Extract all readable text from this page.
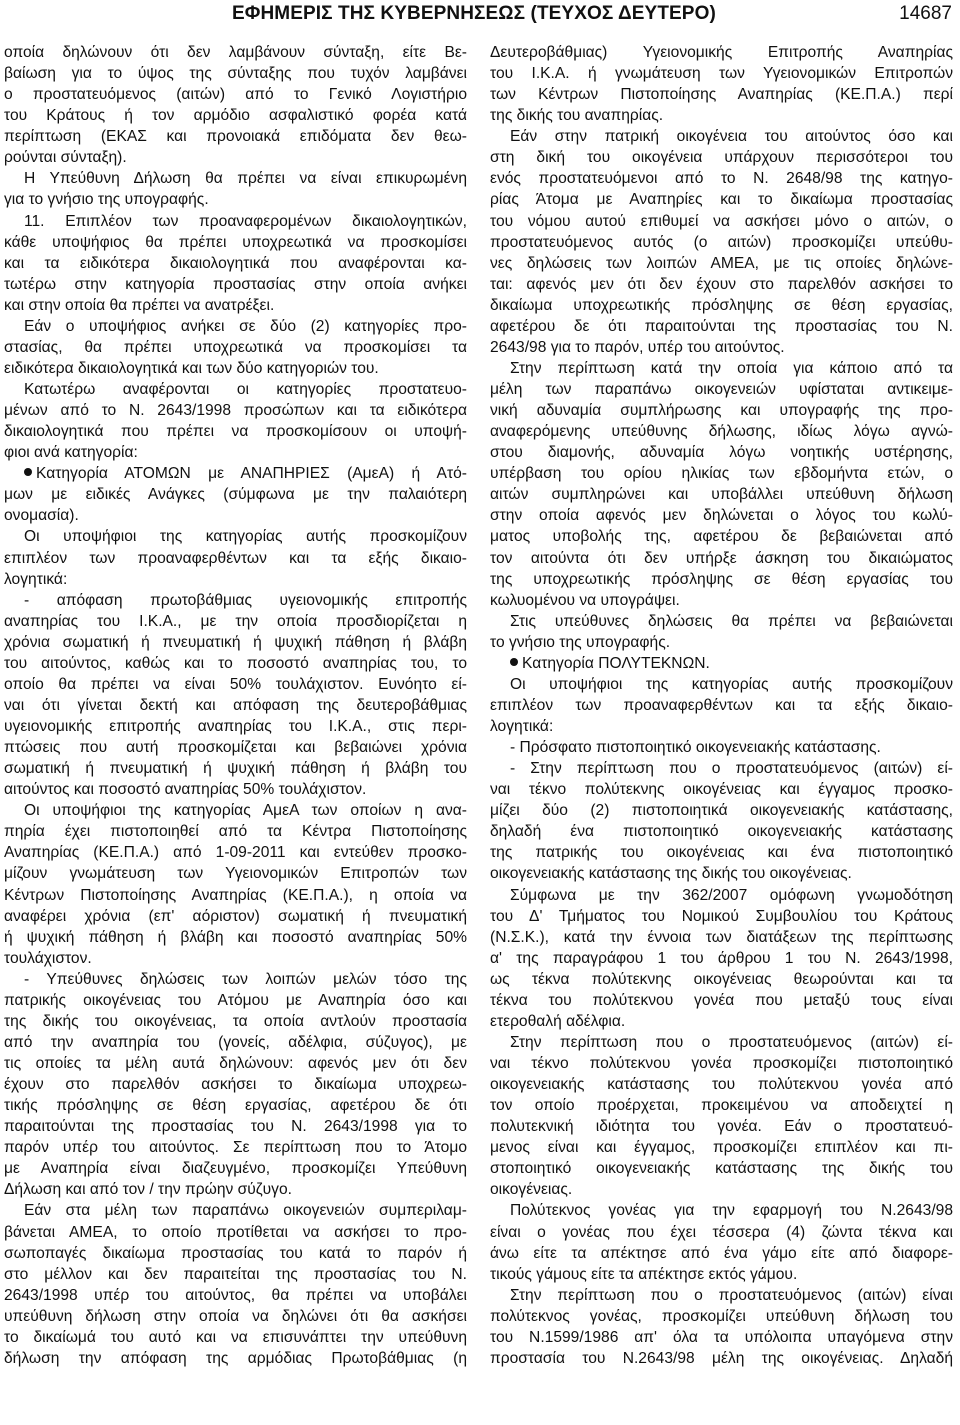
ΕΦΗΜΕΡΙΣ ΤΗΣ ΚΥΒΕΡΝΗΣΕΩΣ (ΤΕΥΧΟΣ ΔΕΥΤΕΡΟ)	14687

οποία δηλώνουν ότι δεν λαμβάνουν σύνταξη, είτε Βε-

βαίωση για το ύψος της σύνταξης που τυχόν λαμβάνει

ο προστατευόμενος (αιτών) από το Γενικό Λογιστήριο

του Κράτους ή τον αρμόδιο ασφαλιστικό φορέα κατά

περίπτωση (ΕΚΑΣ και προνοιακά επιδόματα δεν θεω-

ρούνται σύνταξη).

Η Υπεύθυνη Δήλωση θα πρέπει να είναι επικυρωμένη

για το γνήσιο της υπογραφής.

11. Επιπλέον των προαναφερομένων δικαιολογητικών,

κάθε υποψήφιος θα πρέπει υποχρεωτικά να προσκομίσει

και τα ειδικότερα δικαιολογητικά που αναφέρονται κα-

τωτέρω στην κατηγορία προστασίας στην οποία ανήκει

και στην οποία θα πρέπει να ανατρέξει.

Εάν ο υποψήφιος ανήκει σε δύο (2) κατηγορίες προ-

στασίας, θα πρέπει υποχρεωτικά να προσκομίσει τα

ειδικότερα δικαιολογητικά και των δύο κατηγοριών του.

Κατωτέρω αναφέρονται οι κατηγορίες προστατευο-

μένων από το Ν. 2643/1998 προσώπων και τα ειδικότερα

δικαιολογητικά που πρέπει να προσκομίσουν οι υποψή-

φιοι ανά κατηγορία:

Κατηγορία ΑΤΟΜΩΝ με ΑΝΑΠΗΡΙΕΣ (ΑμεΑ) ή Ατό-

μων με ειδικές Ανάγκες (σύμφωνα με την παλαιότερη

ονομασία).

Οι υποψήφιοι της κατηγορίας αυτής προσκομίζουν

επιπλέον των προαναφερθέντων και τα εξής δικαιο-

λογητικά:

- απόφαση πρωτοβάθμιας υγειονομικής επιτροπής

αναπηρίας του Ι.Κ.Α., με την οποία προσδιορίζεται η

χρόνια σωματική ή πνευματική ή ψυχική πάθηση ή βλάβη

του αιτούντος, καθώς και το ποσοστό αναπηρίας του, το

οποίο θα πρέπει να είναι 50% τουλάχιστον. Ευνόητο εί-

ναι ότι γίνεται δεκτή και απόφαση της δευτεροβάθμιας

υγειονομικής επιτροπής αναπηρίας του Ι.Κ.Α., στις περι-

πτώσεις που αυτή προσκομίζεται και βεβαιώνει χρόνια

σωματική ή πνευματική ή ψυχική πάθηση ή βλάβη του

αιτούντος και ποσοστό αναπηρίας 50% τουλάχιστον.

Οι υποψήφιοι της κατηγορίας ΑμεΑ των οποίων η ανα-

πηρία έχει πιστοποιηθεί από τα Κέντρα Πιστοποίησης

Αναπηρίας (ΚΕ.Π.Α.) από 1-09-2011 και εντεύθεν προσκο-

μίζουν γνωμάτευση των Υγειονομικών Επιτροπών των

Κέντρων Πιστοποίησης Αναπηρίας (ΚΕ.Π.Α.), η οποία να

αναφέρει χρόνια (επ' αόριστον) σωματική ή πνευματική

ή ψυχική πάθηση ή βλάβη και ποσοστό αναπηρίας 50%

τουλάχιστον.

- Υπεύθυνες δηλώσεις των λοιπών μελών τόσο της

πατρικής οικογένειας του Ατόμου με Αναπηρία όσο και

της δικής του οικογένειας, τα οποία αντλούν προστασία

από την αναπηρία του (γονείς, αδέλφια, σύζυγος), με

τις οποίες τα μέλη αυτά δηλώνουν: αφενός μεν ότι δεν

έχουν στο παρελθόν ασκήσει το δικαίωμα υποχρεω-

τικής πρόσληψης σε θέση εργασίας, αφετέρου δε ότι

παραιτούνται της προστασίας του Ν. 2643/1998 για το

παρόν υπέρ του αιτούντος. Σε περίπτωση που το Άτομο

με Αναπηρία είναι διαζευγμένο, προσκομίζει Υπεύθυνη

Δήλωση και από τον / την πρώην σύζυγο.

Εάν στα μέλη των παραπάνω οικογενειών συμπεριλαμ-

βάνεται ΑΜΕΑ, το οποίο προτίθεται να ασκήσει το προ-

σωποπαγές δικαίωμα προστασίας του κατά το παρόν ή

στο μέλλον και δεν παραιτείται της προστασίας του Ν.

2643/1998 υπέρ του αιτούντος, θα πρέπει να υποβάλει

υπεύθυνη δήλωση στην οποία να δηλώνει ότι θα ασκήσει

το δικαίωμά του αυτό και να επισυνάπτει την υπεύθυνη

δήλωση την απόφαση της αρμόδιας Πρωτοβάθμιας (η

Δευτεροβάθμιας) Υγειονομικής Επιτροπής Αναπηρίας

του Ι.Κ.Α. ή γνωμάτευση των Υγειονομικών Επιτροπών

των Κέντρων Πιστοποίησης Αναπηρίας (ΚΕ.Π.Α.) περί

της δικής του αναπηρίας.

Εάν στην πατρική οικογένεια του αιτούντος όσο και

στη δική του οικογένεια υπάρχουν περισσότεροι του

ενός προστατευόμενοι από το Ν. 2648/98 της κατηγο-

ρίας Άτομα με Αναπηρίες και το δικαίωμα προστασίας

του νόμου αυτού επιθυμεί να ασκήσει μόνο ο αιτών, ο

προστατευόμενος αυτός (ο αιτών) προσκομίζει υπεύθυ-

νες δηλώσεις των λοιπών ΑΜΕΑ, με τις οποίες δηλώνε-

ται: αφενός μεν ότι δεν έχουν στο παρελθόν ασκήσει το

δικαίωμα υποχρεωτικής πρόσληψης σε θέση εργασίας,

αφετέρου δε ότι παραιτούνται της προστασίας του Ν.

2643/98 για το παρόν, υπέρ του αιτούντος.

Στην περίπτωση κατά την οποία για κάποιο από τα

μέλη των παραπάνω οικογενειών υφίσταται αντικειμε-

νική αδυναμία συμπλήρωσης και υπογραφής της προ-

αναφερόμενης υπεύθυνης δήλωσης, ιδίως λόγω αγνώ-

στου διαμονής, αδυναμία λόγω νοητικής υστέρησης,

υπέρβαση του ορίου ηλικίας των εβδομήντα ετών, ο

αιτών συμπληρώνει και υποβάλλει υπεύθυνη δήλωση

στην οποία αφενός μεν δηλώνεται ο λόγος του κωλύ-

ματος υποβολής της, αφετέρου δε βεβαιώνεται από

τον αιτούντα ότι δεν υπήρξε άσκηση του δικαιώματος

της υποχρεωτικής πρόσληψης σε θέση εργασίας του

κωλυομένου να υπογράψει.

Στις υπεύθυνες δηλώσεις θα πρέπει να βεβαιώνεται

το γνήσιο της υπογραφής.

Κατηγορία ΠΟΛΥΤΕΚΝΩΝ.

Οι υποψήφιοι της κατηγορίας αυτής προσκομίζουν

επιπλέον των προαναφερθέντων και τα εξής δικαιο-

λογητικά:

- Πρόσφατο πιστοποιητικό οικογενειακής κατάστασης.

- Στην περίπτωση που ο προστατευόμενος (αιτών) εί-

ναι τέκνο πολύτεκνης οικογένειας και έγγαμος προσκο-

μίζει δύο (2) πιστοποιητικά οικογενειακής κατάστασης,

δηλαδή ένα πιστοποιητικό οικογενειακής κατάστασης

της πατρικής του οικογένειας και ένα πιστοποιητικό

οικογενειακής κατάστασης της δικής του οικογένειας.

Σύμφωνα με την 362/2007 ομόφωνη γνωμοδότηση

του Δ' Τμήματος του Νομικού Συμβουλίου του Κράτους

(Ν.Σ.Κ.), κατά την έννοια των διατάξεων της περίπτωσης

α' της παραγράφου 1 του άρθρου 1 του Ν. 2643/1998,

ως τέκνα πολύτεκνης οικογένειας θεωρούνται και τα

τέκνα του πολύτεκνου γονέα που μεταξύ τους είναι

ετεροθαλή αδέλφια.

Στην περίπτωση που ο προστατευόμενος (αιτών) εί-

ναι τέκνο πολύτεκνου γονέα προσκομίζει πιστοποιητικό

οικογενειακής κατάστασης του πολύτεκνου γονέα από

τον οποίο προέρχεται, προκειμένου να αποδειχτεί η

πολυτεκνική ιδιότητα του γονέα. Εάν ο προστατευό-

μενος είναι και έγγαμος, προσκομίζει επιπλέον και πι-

στοποιητικό οικογενειακής κατάστασης της δικής του

οικογένειας.

Πολύτεκνος γονέας για την εφαρμογή του Ν.2643/98

είναι ο γονέας που έχει τέσσερα (4) ζώντα τέκνα και

άνω είτε τα απέκτησε από ένα γάμο είτε από διαφορε-

τικούς γάμους είτε τα απέκτησε εκτός γάμου.

Στην περίπτωση που ο προστατευόμενος (αιτών) είναι

πολύτεκνος γονέας, προσκομίζει υπεύθυνη δήλωση του

του Ν.1599/1986 απ' όλα τα υπόλοιπα υπαγόμενα στην

προστασία του Ν.2643/98 μέλη της οικογένειας. Δηλαδή
